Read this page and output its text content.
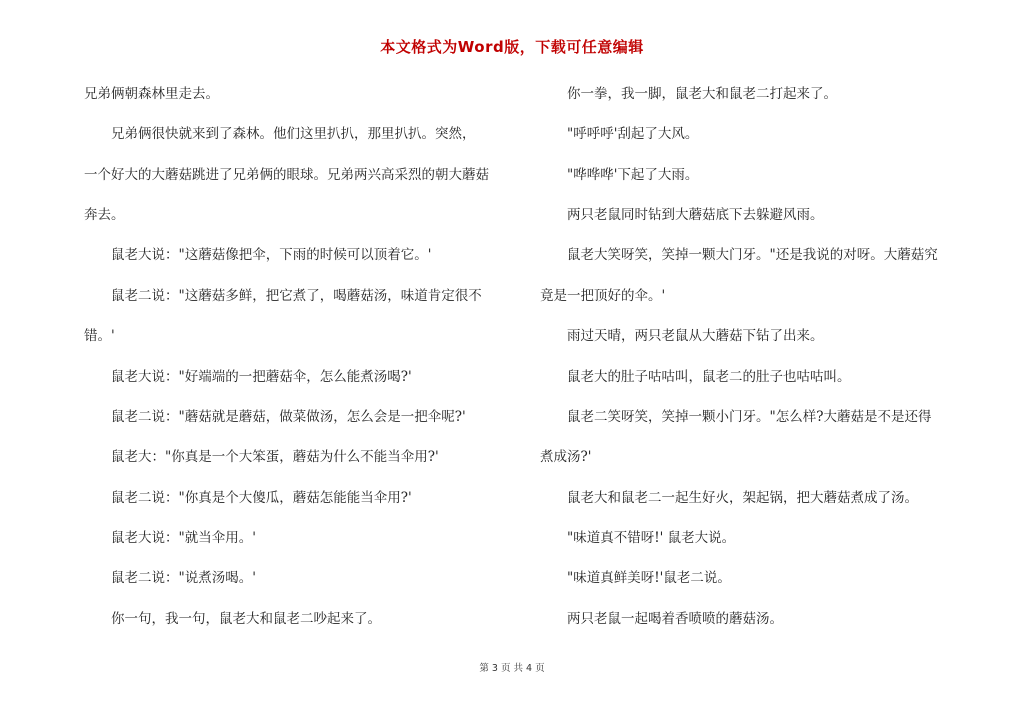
本文格式为Word版，下载可任意编辑
兄弟俩朝森林里走去。
　　兄弟俩很快就来到了森林。他们这里扒扒，那里扒扒。突然，
一个好大的大蘑菇跳进了兄弟俩的眼球。兄弟两兴高采烈的朝大蘑菇
奔去。
　　鼠老大说："这蘑菇像把伞，下雨的时候可以顶着它。'
　　鼠老二说："这蘑菇多鲜，把它煮了，喝蘑菇汤，味道肯定很不
错。'
　　鼠老大说："好端端的一把蘑菇伞，怎么能煮汤喝?'
　　鼠老二说："蘑菇就是蘑菇，做菜做汤，怎么会是一把伞呢?'
　　鼠老大："你真是一个大笨蛋，蘑菇为什么不能当伞用?'
　　鼠老二说："你真是个大傻瓜，蘑菇怎能能当伞用?'
　　鼠老大说："就当伞用。'
　　鼠老二说："说煮汤喝。'
　　你一句，我一句，鼠老大和鼠老二吵起来了。
　　你一拳，我一脚，鼠老大和鼠老二打起来了。
　　"呼呼呼'刮起了大风。
　　"哗哗哗'下起了大雨。
　　两只老鼠同时钻到大蘑菇底下去躲避风雨。
　　鼠老大笑呀笑，笑掉一颗大门牙。"还是我说的对呀。大蘑菇究
竟是一把顶好的伞。'
　　雨过天晴，两只老鼠从大蘑菇下钻了出来。
　　鼠老大的肚子咕咕叫，鼠老二的肚子也咕咕叫。
　　鼠老二笑呀笑，笑掉一颗小门牙。"怎么样?大蘑菇是不是还得
煮成汤?'
　　鼠老大和鼠老二一起生好火，架起锅，把大蘑菇煮成了汤。
　　"味道真不错呀!' 鼠老大说。
　　"味道真鲜美呀!'鼠老二说。
　　两只老鼠一起喝着香喷喷的蘑菇汤。
第 3 页 共 4 页
